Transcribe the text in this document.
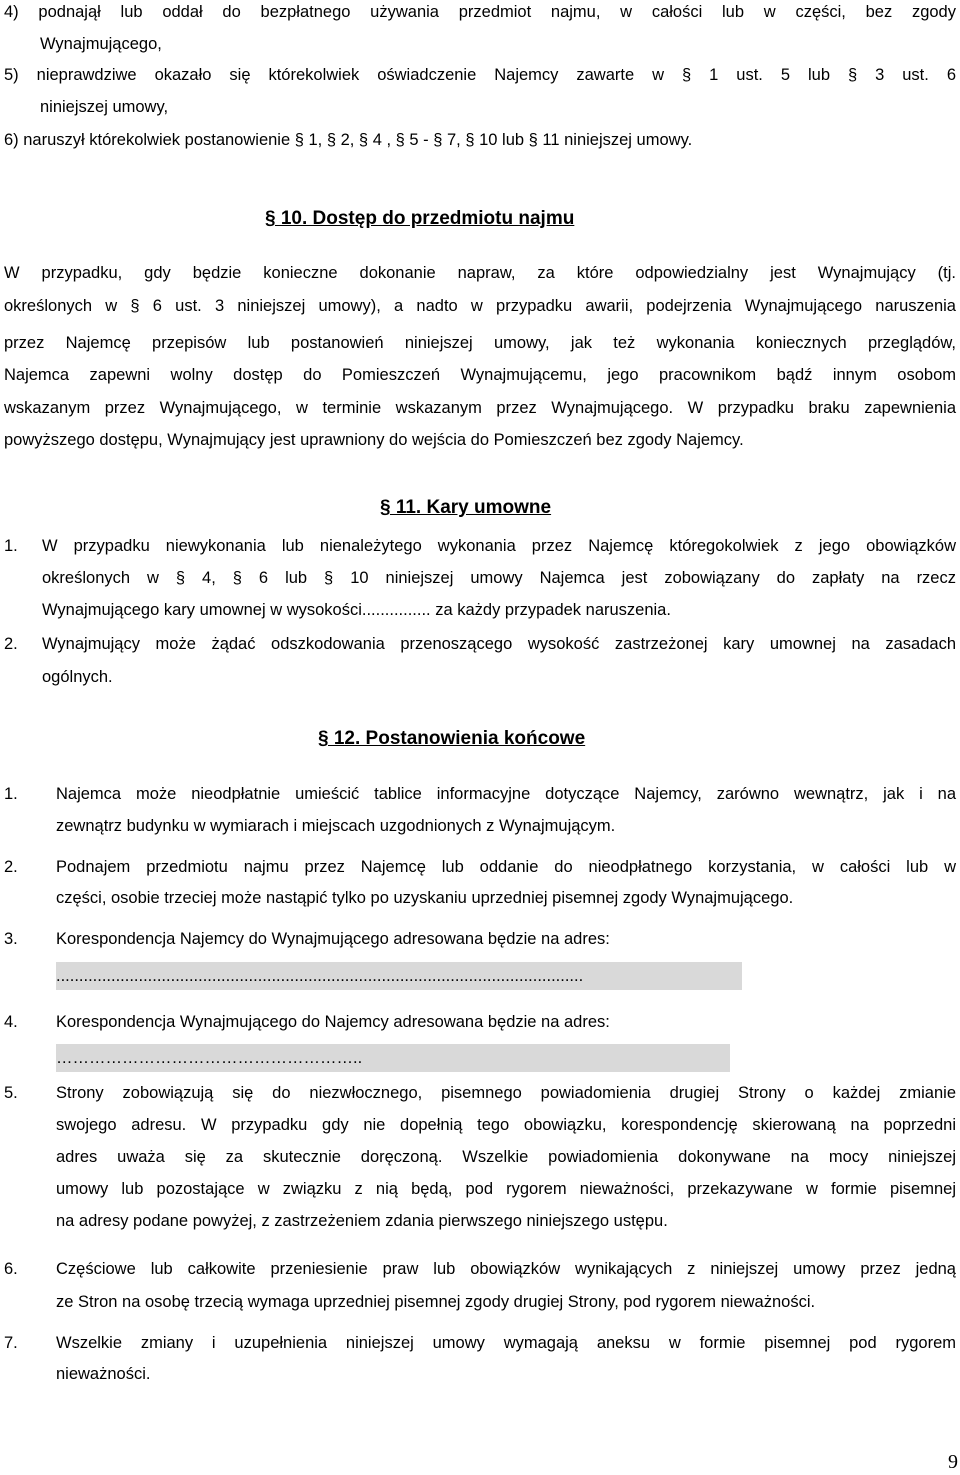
4) podnajął lub oddał do bezpłatnego używania przedmiot najmu, w całości lub w części, bez zgody
Wynajmującego,
5) nieprawdziwe okazało się którekolwiek oświadczenie Najemcy zawarte w § 1 ust. 5 lub § 3 ust. 6
niniejszej umowy,
6) naruszył którekolwiek postanowienie § 1, § 2, § 4 , § 5 - § 7, § 10 lub § 11 niniejszej umowy.
§ 10. Dostęp do przedmiotu najmu
W przypadku, gdy będzie konieczne dokonanie napraw, za które odpowiedzialny jest Wynajmujący (tj.
określonych w § 6 ust. 3 niniejszej umowy), a nadto w przypadku awarii, podejrzenia Wynajmującego naruszenia
przez Najemcę przepisów lub postanowień niniejszej umowy, jak też wykonania koniecznych przeglądów,
Najemca zapewni wolny dostęp do Pomieszczeń Wynajmującemu, jego pracownikom bądź innym osobom
wskazanym przez Wynajmującego, w terminie wskazanym przez Wynajmującego. W przypadku braku zapewnienia
powyższego dostępu, Wynajmujący jest uprawniony do wejścia do Pomieszczeń bez zgody Najemcy.
§ 11. Kary umowne
1. W przypadku niewykonania lub nienależytego wykonania przez Najemcę któregokolwiek z jego obowiązków
określonych w § 4, § 6 lub § 10 niniejszej umowy Najemca jest zobowiązany do zapłaty na rzecz
Wynajmującego kary umownej w wysokości............... za każdy przypadek naruszenia.
2. Wynajmujący może żądać odszkodowania przenoszącego wysokość zastrzeżonej kary umownej na zasadach
ogólnych.
§ 12. Postanowienia końcowe
1. Najemca może nieodpłatnie umieścić tablice informacyjne dotyczące Najemcy, zarówno wewnątrz, jak i na
zewnątrz budynku w wymiarach i miejscach uzgodnionych z Wynajmującym.
2. Podnajem przedmiotu najmu przez Najemcę lub oddanie do nieodpłatnego korzystania, w całości lub w
części, osobie trzeciej może nastąpić tylko po uzyskaniu uprzedniej pisemnej zgody Wynajmującego.
3. Korespondencja Najemcy do Wynajmującego adresowana będzie na adres:
...................................................................................................................
4. Korespondencja Wynajmującego do Najemcy adresowana będzie na adres:
………………………………………………..
5. Strony zobowiązują się do niezwłocznego, pisemnego powiadomienia drugiej Strony o każdej zmianie
swojego adresu. W przypadku gdy nie dopełnią tego obowiązku, korespondencję skierowaną na poprzedni
adres uważa się za skutecznie doręczoną. Wszelkie powiadomienia dokonywane na mocy niniejszej
umowy lub pozostające w związku z nią będą, pod rygorem nieważności, przekazywane w formie pisemnej
na adresy podane powyżej, z zastrzeżeniem zdania pierwszego niniejszego ustępu.
6. Częściowe lub całkowite przeniesienie praw lub obowiązków wynikających z niniejszej umowy przez jedną
ze Stron na osobę trzecią wymaga uprzedniej pisemnej zgody drugiej Strony, pod rygorem nieważności.
7. Wszelkie zmiany i uzupełnienia niniejszej umowy wymagają aneksu w formie pisemnej pod rygorem
nieważności.
9
